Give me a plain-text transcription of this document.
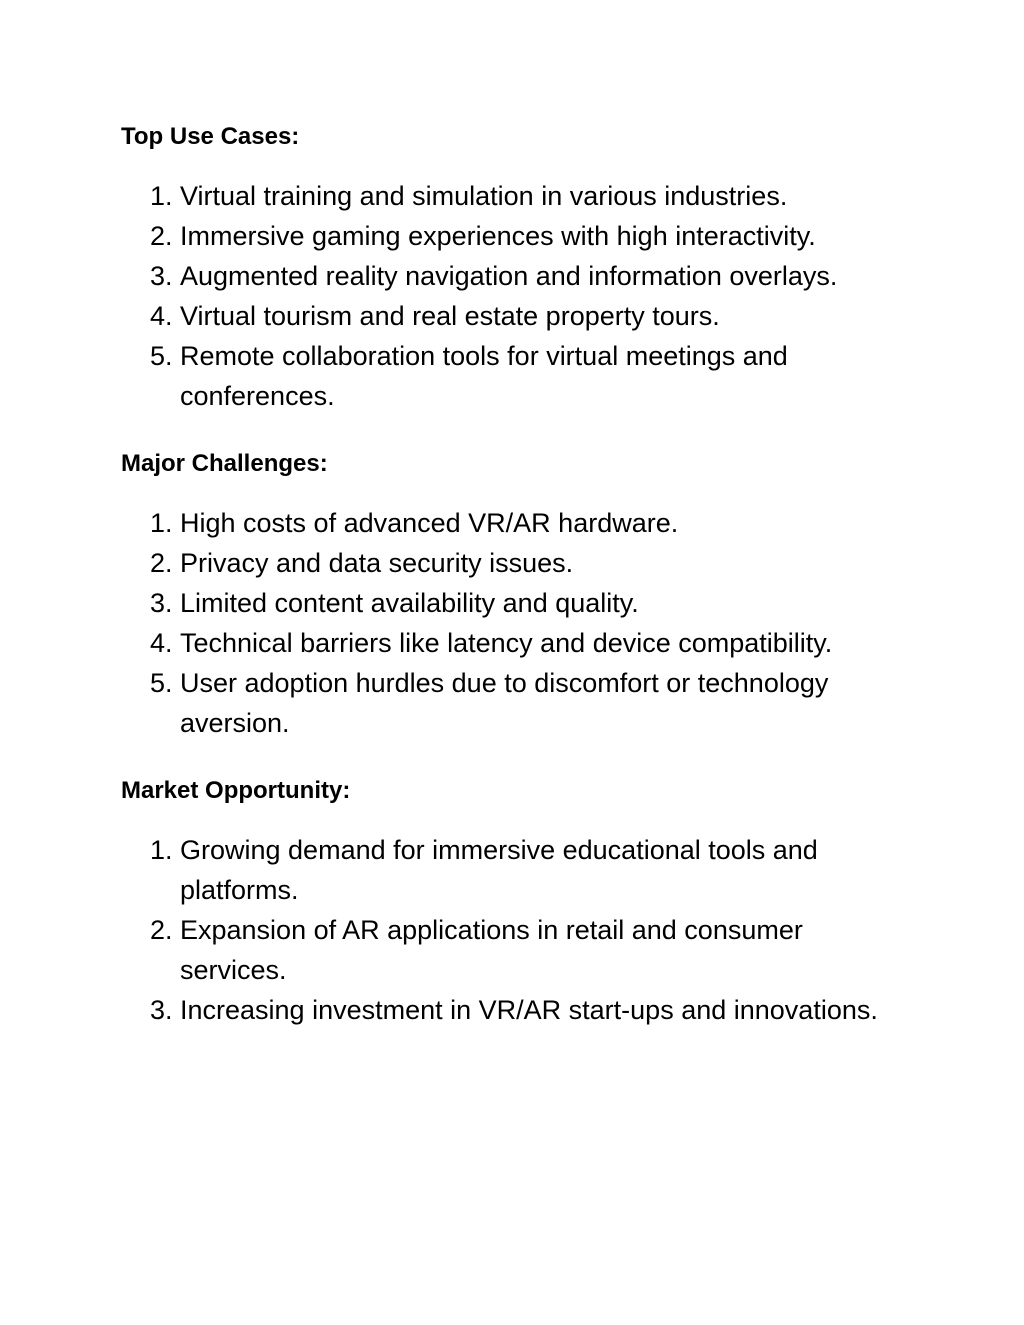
Top Use Cases:
1. Virtual training and simulation in various industries.
2. Immersive gaming experiences with high interactivity.
3. Augmented reality navigation and information overlays.
4. Virtual tourism and real estate property tours.
5. Remote collaboration tools for virtual meetings and conferences.
Major Challenges:
1. High costs of advanced VR/AR hardware.
2. Privacy and data security issues.
3. Limited content availability and quality.
4. Technical barriers like latency and device compatibility.
5. User adoption hurdles due to discomfort or technology aversion.
Market Opportunity:
1. Growing demand for immersive educational tools and platforms.
2. Expansion of AR applications in retail and consumer services.
3. Increasing investment in VR/AR start-ups and innovations.
